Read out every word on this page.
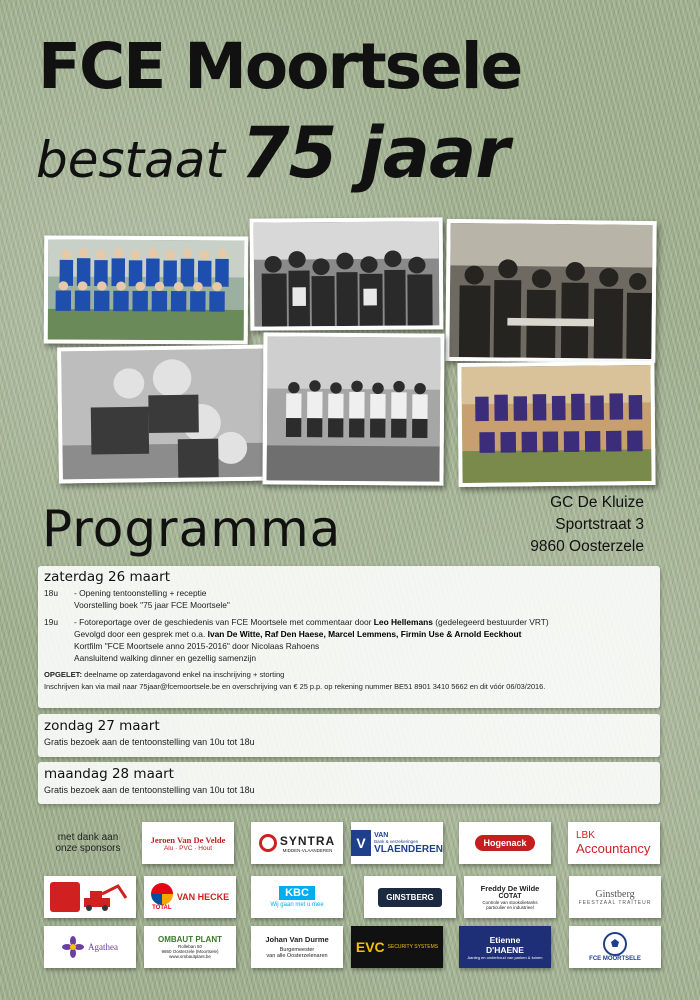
FCE Moortsele
bestaat 75 jaar
Programma	GC De Kluize
Sportstraat 3
9860 Oosterzele
zaterdag 26 maart
18u - Opening tentoonstelling + receptie
Voorstelling boek "75 jaar FCE Moortsele"
19u - Fotoreportage over de geschiedenis van FCE Moortsele met commentaar door Leo Hellemans (gedelegeerd bestuurder VRT)
Gevolgd door een gesprek met o.a. Ivan De Witte, Raf Den Haese, Marcel Lemmens, Firmin Use & Arnold Eeckhout
Kortfilm "FCE Moortsele anno 2015-2016" door Nicolaas Rahoens
Aansluitend walking dinner en gezellig samenzijn
OPGELET: deelname op zaterdagavond enkel na inschrijving + storting
Inschrijven kan via mail naar 75jaar@fcemoortsele.be en overschrijving van € 25 p.p. op rekening nummer BE51 8901 3410 5662 en dit vóór 06/03/2016.
zondag 27 maart
Gratis bezoek aan de tentoonstelling van 10u tot 18u
maandag 28 maart
Gratis bezoek aan de tentoonstelling van 10u tot 18u
met dank aan
onze sponsors
Jeroen Van De Velde
Alu · PVC · Hout
SYNTRA
MIDDEN-VLAANDEREN	V	VAN
Bank & verzekeringen
VLAENDEREN
Hogenack
LBK
Accountancy
TOTAL
VAN HECKE	KBC
Wij gaan met u mee
GINSTBERG
Freddy De Wilde
COTAT
Controle van stookolietanks
particulier en industrieel
Ginstberg
FEESTZAAL TRAITEUR
Agathea
OMBAUT PLANT
Rolleban 50
9860 Oosterzele (Moortsele)
www.ombautplant.be
Johan Van Durme
Burgemeester
van alle Oosterzelenaren
EVC SECURITY SYSTEMS
Etienne
D'HAENE
Aanleg en onderhoud van parken & tuinen	FCE MOORTSELE
